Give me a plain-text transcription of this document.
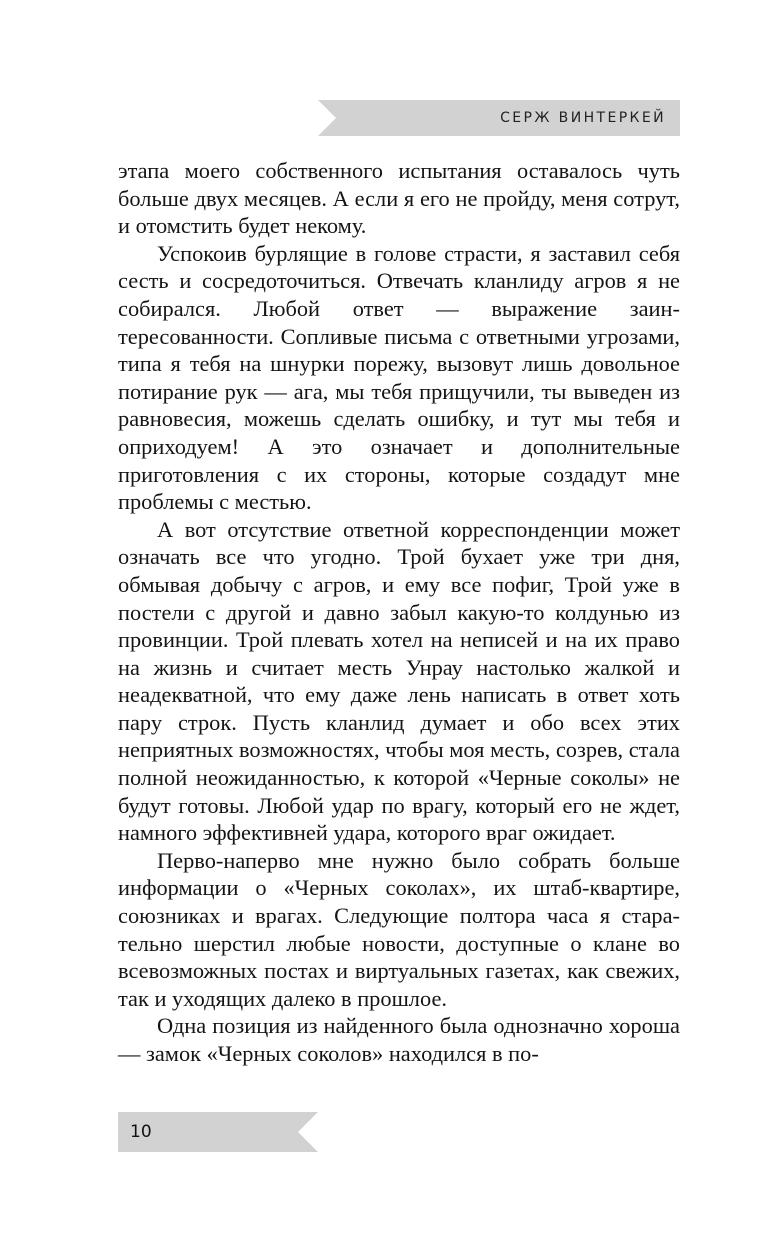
СЕРЖ ВИНТЕРКЕЙ

этапа моего собственного испытания оставалось чуть больше двух месяцев. А если я его не пройду, меня сотрут, и отомстить будет некому.

Успокоив бурлящие в голове страсти, я заставил себя сесть и сосредоточиться. Отвечать кланлиду агров я не собирался. Любой ответ — выражение заинтересованности. Сопливые письма с ответными угрозами, типа я тебя на шнурки порежу, вызовут лишь довольное потирание рук — ага, мы тебя прищучили, ты выведен из равновесия, можешь сделать ошибку, и тут мы тебя и оприходуем! А это означает и дополнительные приготовления с их стороны, которые создадут мне проблемы с местью.

А вот отсутствие ответной корреспонденции может означать все что угодно. Трой бухает уже три дня, обмывая добычу с агров, и ему все пофиг, Трой уже в постели с другой и давно забыл какую-то колдунью из провинции. Трой плевать хотел на неписей и на их право на жизнь и считает месть Унрау настолько жалкой и неадекватной, что ему даже лень написать в ответ хоть пару строк. Пусть кланлид думает и обо всех этих неприятных возможностях, чтобы моя месть, созрев, стала полной неожиданностью, к которой «Черные соколы» не будут готовы. Любой удар по врагу, который его не ждет, намного эффективней удара, которого враг ожидает.

Перво-наперво мне нужно было собрать больше информации о «Черных соколах», их штаб-квартире, союзниках и врагах. Следующие полтора часа я старательно шерстил любые новости, доступные о клане во всевозможных постах и виртуальных газетах, как свежих, так и уходящих далеко в прошлое.

Одна позиция из найденного была однозначно хороша — замок «Черных соколов» находился в по-

10
